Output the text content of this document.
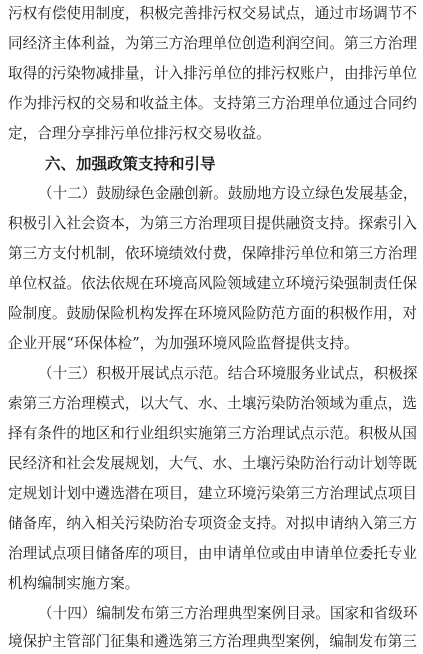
污权有偿使用制度，积极完善排污权交易试点，通过市场调节不
同经济主体利益，为第三方治理单位创造利润空间。第三方治理
取得的污染物减排量，计入排污单位的排污权账户，由排污单位
作为排污权的交易和收益主体。支持第三方治理单位通过合同约
定，合理分享排污单位排污权交易收益。
六、加强政策支持和引导
（十二）鼓励绿色金融创新。鼓励地方设立绿色发展基金，
积极引入社会资本，为第三方治理项目提供融资支持。探索引入
第三方支付机制，依环境绩效付费，保障排污单位和第三方治理
单位权益。依法依规在环境高风险领域建立环境污染强制责任保
险制度。鼓励保险机构发挥在环境风险防范方面的积极作用，对
企业开展“环保体检”，为加强环境风险监督提供支持。
（十三）积极开展试点示范。结合环境服务业试点，积极探
索第三方治理模式，以大气、水、土壤污染防治领域为重点，选
择有条件的地区和行业组织实施第三方治理试点示范。积极从国
民经济和社会发展规划，大气、水、土壤污染防治行动计划等既
定规划计划中遴选潜在项目，建立环境污染第三方治理试点项目
储备库，纳入相关污染防治专项资金支持。对拟申请纳入第三方
治理试点项目储备库的项目，由申请单位或由申请单位委托专业
机构编制实施方案。
（十四）编制发布第三方治理典型案例目录。国家和省级环
境保护主管部门征集和遴选第三方治理典型案例，编制发布第三
